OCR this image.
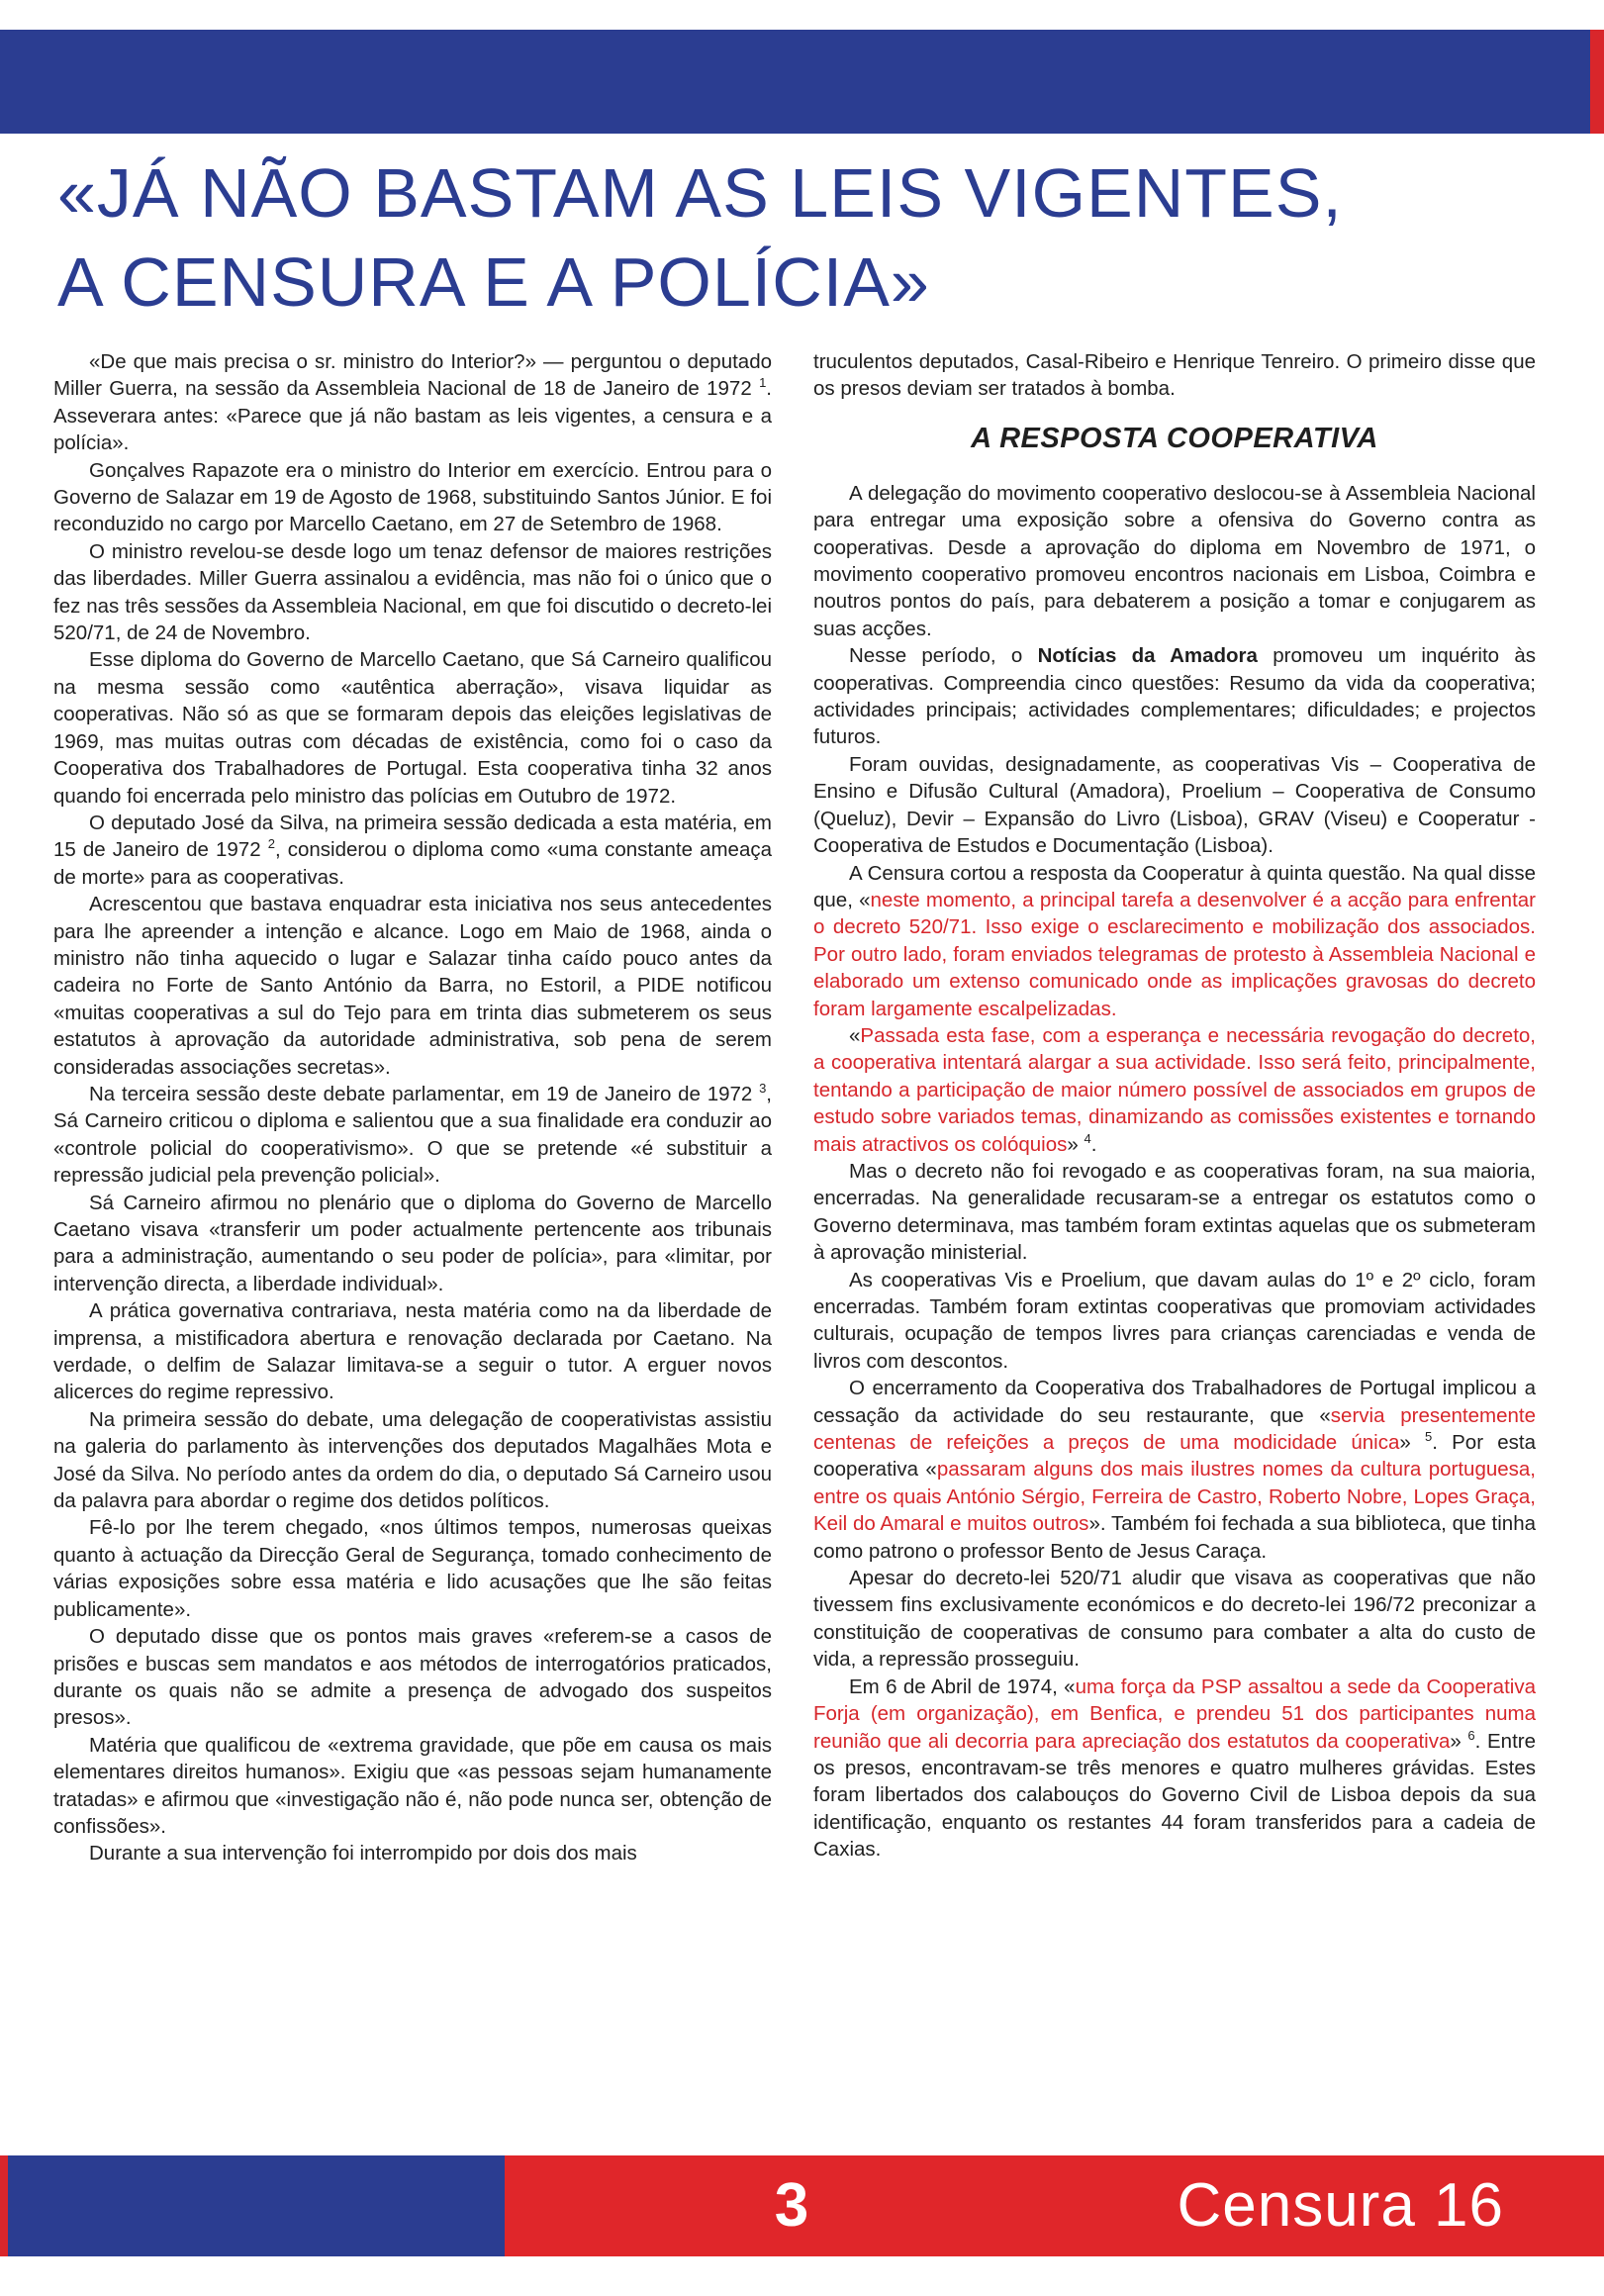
«JÁ NÃO BASTAM AS LEIS VIGENTES,
A CENSURA E A POLÍCIA»

«De que mais precisa o sr. ministro do Interior?» — perguntou o deputado Miller Guerra, na sessão da Assembleia Nacional de 18 de Janeiro de 1972 $^1$. Asseverara antes: «Parece que já não bastam as leis vigentes, a censura e a polícia».

Gonçalves Rapazote era o ministro do Interior em exercício. Entrou para o Governo de Salazar em 19 de Agosto de 1968, substituindo Santos Júnior. E foi reconduzido no cargo por Marcello Caetano, em 27 de Setembro de 1968.

O ministro revelou-se desde logo um tenaz defensor de maiores restrições das liberdades. Miller Guerra assinalou a evidência, mas não foi o único que o fez nas três sessões da Assembleia Nacional, em que foi discutido o decreto-lei 520/71, de 24 de Novembro.

Esse diploma do Governo de Marcello Caetano, que Sá Carneiro qualificou na mesma sessão como «autêntica aberração», visava liquidar as cooperativas. Não só as que se formaram depois das eleições legislativas de 1969, mas muitas outras com décadas de existência, como foi o caso da Cooperativa dos Trabalhadores de Portugal. Esta cooperativa tinha 32 anos quando foi encerrada pelo ministro das polícias em Outubro de 1972.

O deputado José da Silva, na primeira sessão dedicada a esta matéria, em 15 de Janeiro de 1972 $^2$, considerou o diploma como «uma constante ameaça de morte» para as cooperativas.

Acrescentou que bastava enquadrar esta iniciativa nos seus antecedentes para lhe apreender a intenção e alcance. Logo em Maio de 1968, ainda o ministro não tinha aquecido o lugar e Salazar tinha caído pouco antes da cadeira no Forte de Santo António da Barra, no Estoril, a PIDE notificou «muitas cooperativas a sul do Tejo para em trinta dias submeterem os seus estatutos à aprovação da autoridade administrativa, sob pena de serem consideradas associações secretas».

Na terceira sessão deste debate parlamentar, em 19 de Janeiro de 1972 $^3$, Sá Carneiro criticou o diploma e salientou que a sua finalidade era conduzir ao «controle policial do cooperativismo». O que se pretende «é substituir a repressão judicial pela prevenção policial».

Sá Carneiro afirmou no plenário que o diploma do Governo de Marcello Caetano visava «transferir um poder actualmente pertencente aos tribunais para a administração, aumentando o seu poder de polícia», para «limitar, por intervenção directa, a liberdade individual».

A prática governativa contrariava, nesta matéria como na da liberdade de imprensa, a mistificadora abertura e renovação declarada por Caetano. Na verdade, o delfim de Salazar limitava-se a seguir o tutor. A erguer novos alicerces do regime repressivo.

Na primeira sessão do debate, uma delegação de cooperativistas assistiu na galeria do parlamento às intervenções dos deputados Magalhães Mota e José da Silva. No período antes da ordem do dia, o deputado Sá Carneiro usou da palavra para abordar o regime dos detidos políticos.

Fê-lo por lhe terem chegado, «nos últimos tempos, numerosas queixas quanto à actuação da Direcção Geral de Segurança, tomado conhecimento de várias exposições sobre essa matéria e lido acusações que lhe são feitas publicamente».

O deputado disse que os pontos mais graves «referem-se a casos de prisões e buscas sem mandatos e aos métodos de interrogatórios praticados, durante os quais não se admite a presença de advogado dos suspeitos presos».

Matéria que qualificou de «extrema gravidade, que põe em causa os mais elementares direitos humanos». Exigiu que «as pessoas sejam humanamente tratadas» e afirmou que «investigação não é, não pode nunca ser, obtenção de confissões».

Durante a sua intervenção foi interrompido por dois dos mais

truculentos deputados, Casal-Ribeiro e Henrique Tenreiro. O primeiro disse que os presos deviam ser tratados à bomba.

A RESPOSTA COOPERATIVA

A delegação do movimento cooperativo deslocou-se à Assembleia Nacional para entregar uma exposição sobre a ofensiva do Governo contra as cooperativas. Desde a aprovação do diploma em Novembro de 1971, o movimento cooperativo promoveu encontros nacionais em Lisboa, Coimbra e noutros pontos do país, para debaterem a posição a tomar e conjugarem as suas acções.

Nesse período, o Notícias da Amadora promoveu um inquérito às cooperativas. Compreendia cinco questões: Resumo da vida da cooperativa; actividades principais; actividades complementares; dificuldades; e projectos futuros.

Foram ouvidas, designadamente, as cooperativas Vis – Cooperativa de Ensino e Difusão Cultural (Amadora), Proelium – Cooperativa de Consumo (Queluz), Devir – Expansão do Livro (Lisboa), GRAV (Viseu) e Cooperatur - Cooperativa de Estudos e Documentação (Lisboa).

A Censura cortou a resposta da Cooperatur à quinta questão. Na qual disse que, «neste momento, a principal tarefa a desenvolver é a acção para enfrentar o decreto 520/71. Isso exige o esclarecimento e mobilização dos associados. Por outro lado, foram enviados telegramas de protesto à Assembleia Nacional e elaborado um extenso comunicado onde as implicações gravosas do decreto foram largamente escalpelizadas.

«Passada esta fase, com a esperança e necessária revogação do decreto, a cooperativa intentará alargar a sua actividade. Isso será feito, principalmente, tentando a participação de maior número possível de associados em grupos de estudo sobre variados temas, dinamizando as comissões existentes e tornando mais atractivos os colóquios» $^4$.

Mas o decreto não foi revogado e as cooperativas foram, na sua maioria, encerradas. Na generalidade recusaram-se a entregar os estatutos como o Governo determinava, mas também foram extintas aquelas que os submeteram à aprovação ministerial.

As cooperativas Vis e Proelium, que davam aulas do 1º e 2º ciclo, foram encerradas. Também foram extintas cooperativas que promoviam actividades culturais, ocupação de tempos livres para crianças carenciadas e venda de livros com descontos.

O encerramento da Cooperativa dos Trabalhadores de Portugal implicou a cessação da actividade do seu restaurante, que «servia presentemente centenas de refeições a preços de uma modicidade única» $^5$. Por esta cooperativa «passaram alguns dos mais ilustres nomes da cultura portuguesa, entre os quais António Sérgio, Ferreira de Castro, Roberto Nobre, Lopes Graça, Keil do Amaral e muitos outros». Também foi fechada a sua biblioteca, que tinha como patrono o professor Bento de Jesus Caraça.

Apesar do decreto-lei 520/71 aludir que visava as cooperativas que não tivessem fins exclusivamente económicos e do decreto-lei 196/72 preconizar a constituição de cooperativas de consumo para combater a alta do custo de vida, a repressão prosseguiu.

Em 6 de Abril de 1974, «uma força da PSP assaltou a sede da Cooperativa Forja (em organização), em Benfica, e prendeu 51 dos participantes numa reunião que ali decorria para apreciação dos estatutos da cooperativa» $^6$. Entre os presos, encontravam-se três menores e quatro mulheres grávidas. Estes foram libertados dos calabouços do Governo Civil de Lisboa depois da sua identificação, enquanto os restantes 44 foram transferidos para a cadeia de Caxias.

3	Censura 16
